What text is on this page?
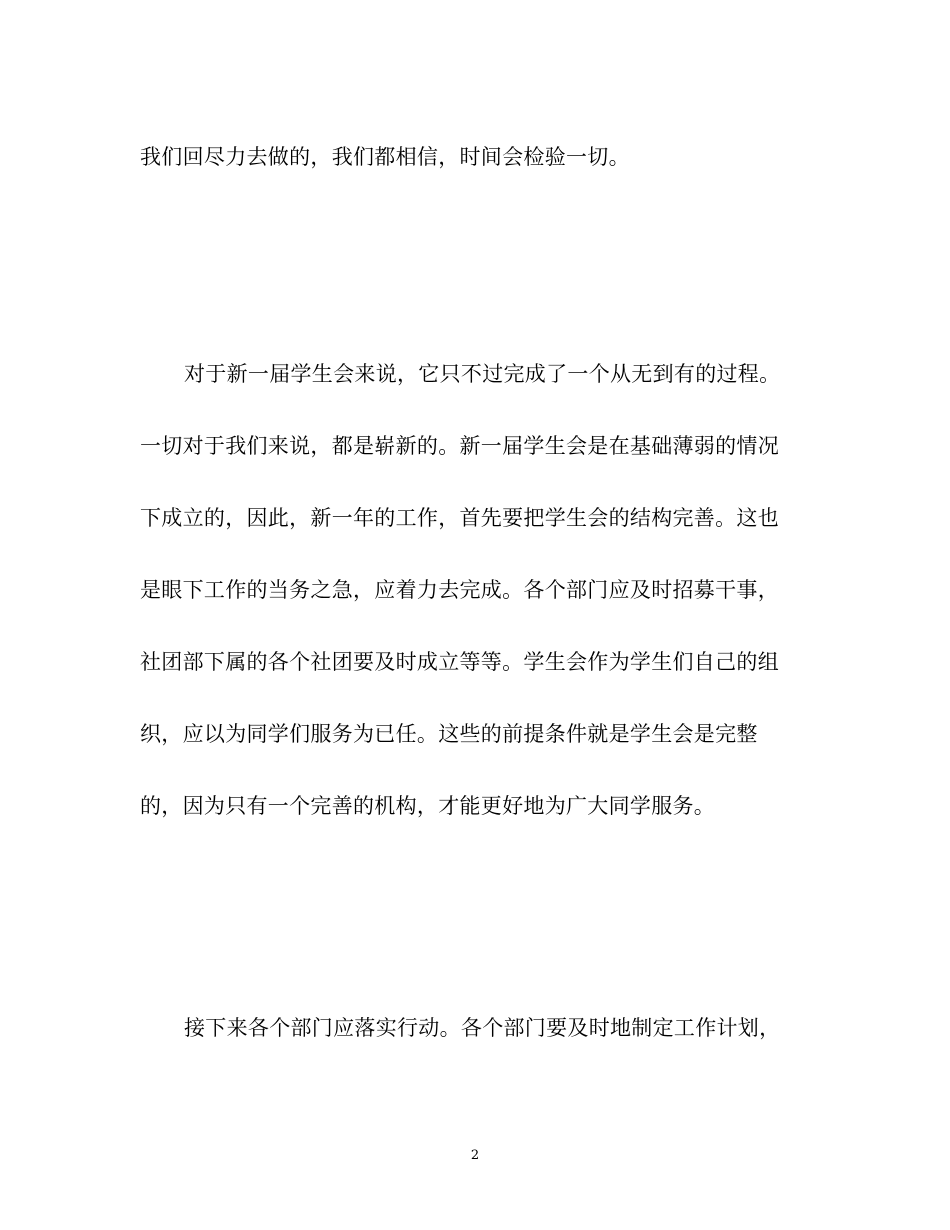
我们回尽力去做的，我们都相信，时间会检验一切。
对于新一届学生会来说，它只不过完成了一个从无到有的过程。
一切对于我们来说，都是崭新的。新一届学生会是在基础薄弱的情况
下成立的，因此，新一年的工作，首先要把学生会的结构完善。这也
是眼下工作的当务之急，应着力去完成。各个部门应及时招募干事，
社团部下属的各个社团要及时成立等等。学生会作为学生们自己的组
织，应以为同学们服务为已任。这些的前提条件就是学生会是完整
的，因为只有一个完善的机构，才能更好地为广大同学服务。
接下来各个部门应落实行动。各个部门要及时地制定工作计划，
2
